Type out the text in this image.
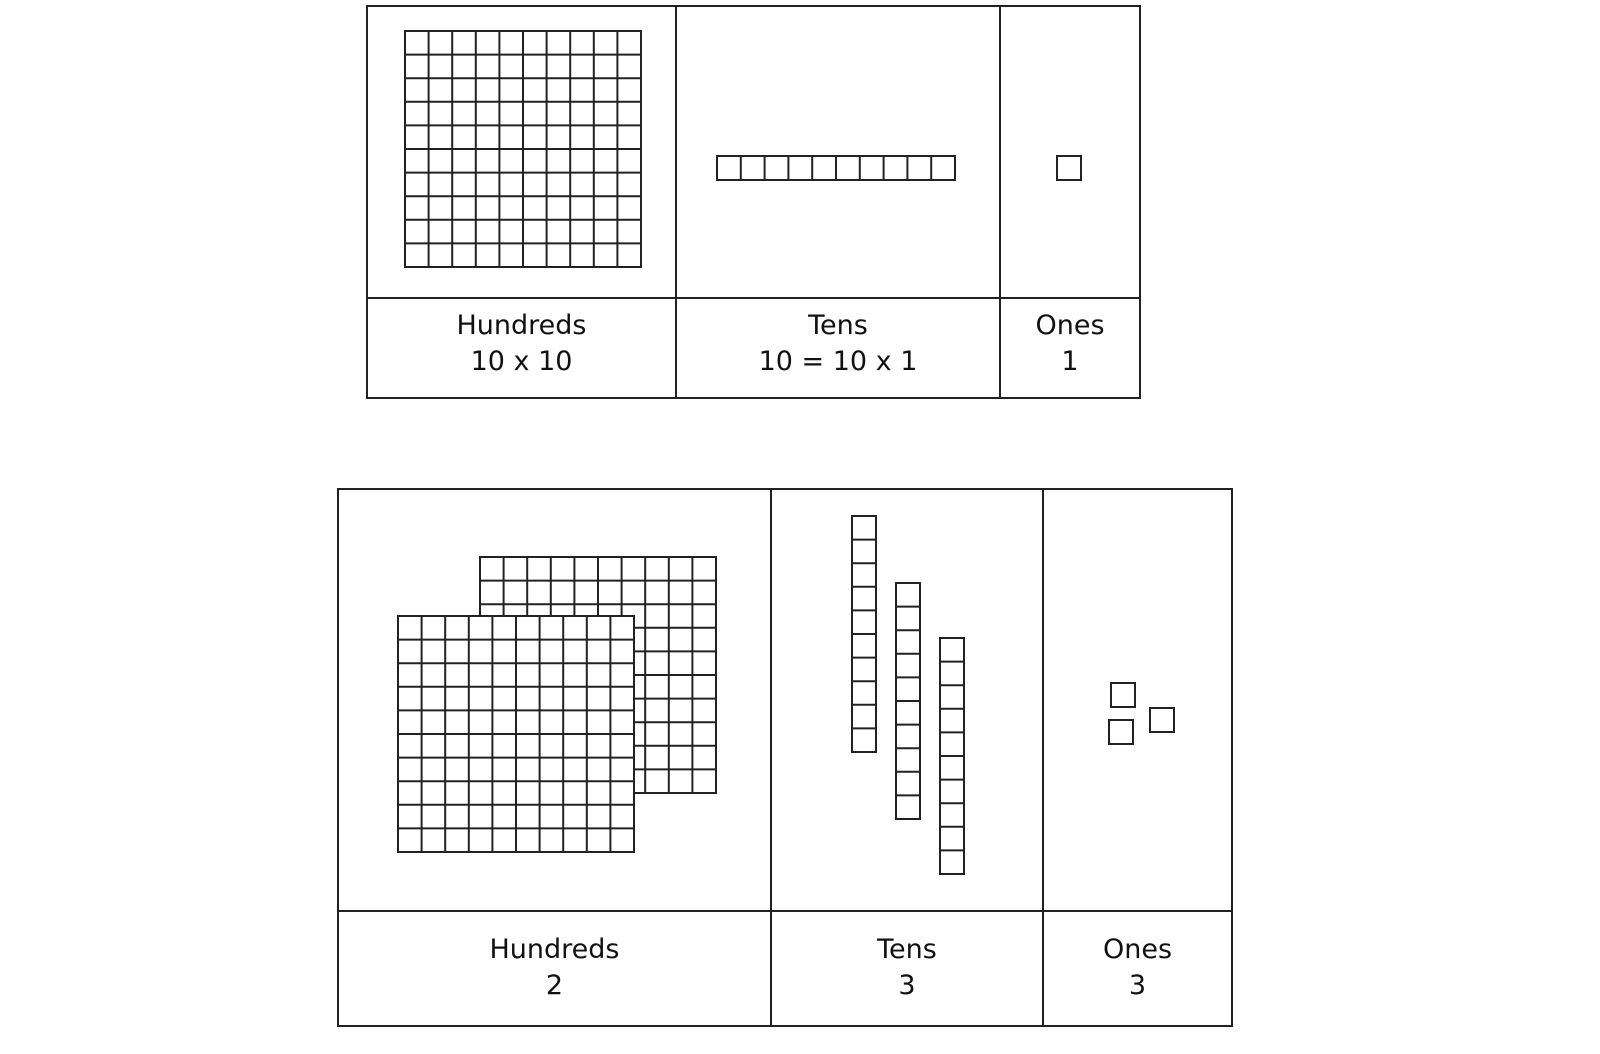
Hundreds
10 x 10
Tens
10 = 10 x 1
Ones
1
Hundreds
2
Tens
3
Ones
3
